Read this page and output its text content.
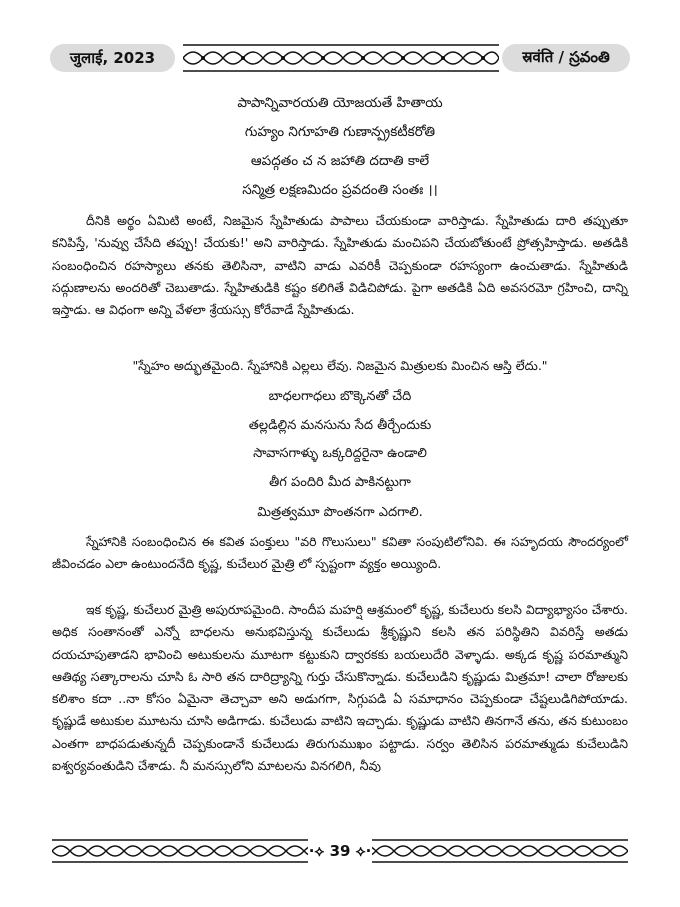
जुलाई, 2023	स्रवंति / స్రవంతి
పాపాన్నివారయతి యోజయతే హితాయ
గుహ్యం నిగూహతి గుణాన్ప్రకటీకరోతి
ఆపద్గతం చ న జహాతి దదాతి కాలే
సన్మిత్ర లక్షణమిదం ప్రవదంతి సంతః ।।

దీనికి అర్థం ఏమిటి అంటే, నిజమైన స్నేహితుడు పాపాలు చేయకుండా వారిస్తాడు. స్నేహితుడు దారి తప్పుతూ కనిపిస్తే, 'నువ్వు చేసేది తప్పు! చేయకు!' అని వారిస్తాడు. స్నేహితుడు మంచిపని చేయబోతుంటే ప్రోత్సహిస్తాడు. అతడికి సంబంధించిన రహస్యాలు తనకు తెలిసినా, వాటిని వాడు ఎవరికీ చెప్పకుండా రహస్యంగా ఉంచుతాడు. స్నేహితుడి సద్గుణాలను అందరితో చెబుతాడు. స్నేహితుడికి కష్టం కలిగితే విడిచిపోడు. పైగా అతడికి ఏది అవసరమో గ్రహించి, దాన్ని ఇస్తాడు. ఆ విధంగా అన్ని వేళలా శ్రేయస్సు కోరేవాడే స్నేహితుడు.

"స్నేహం అద్భుతమైంది. స్నేహానికి ఎల్లలు లేవు. నిజమైన మిత్రులకు మించిన ఆస్తి లేదు."
బాధలగాధలు బొక్కెనతో చేది
తల్లడిల్లిన మనసును సేద తీర్చేందుకు
సావాసగాళ్ళు ఒక్కరిద్దరైనా ఉండాలి
తీగ పందిరి మీద పాకినట్టుగా
మిత్రత్వమూ పొంతనగా ఎదగాలి.

స్నేహానికి సంబంధించిన ఈ కవిత పంక్తులు "వరి గొలుసులు" కవితా సంపుటిలోనివి. ఈ సహృదయ సౌందర్యంలో జీవించడం ఎలా ఉంటుందనేది కృష్ణ, కుచేలుర మైత్రి లో స్పష్టంగా వ్యక్తం అయ్యింది.

ఇక కృష్ణ, కుచేలుర మైత్రి అపురూపమైంది. సాందీప మహర్షి ఆశ్రమంలో కృష్ణ, కుచేలురు కలసి విద్యాభ్యాసం చేశారు. అధిక సంతానంతో ఎన్నో బాధలను అనుభవిస్తున్న కుచేలుడు శ్రీకృష్ణుని కలసి తన పరిస్థితిని వివరిస్తే అతడు దయచూపుతాడని భావించి అటుకులను మూటగా కట్టుకుని ద్వారకకు బయలుదేరి వెళ్ళాడు. అక్కడ కృష్ణ పరమాత్ముని ఆతిథ్య సత్కారాలను చూసి ఓ సారి తన దారిద్ర్యాన్ని గుర్తు చేసుకొన్నాడు. కుచేలుడిని కృష్ణుడు మిత్రమా! చాలా రోజులకు కలిశాం కదా ..నా కోసం ఏమైనా తెచ్చావా అని అడుగగా, సిగ్గుపడి ఏ సమాధానం చెప్పకుండా చేష్టలుడిగిపోయాడు. కృష్ణుడే అటుకుల మూటను చూసి అడిగాడు. కుచేలుడు వాటిని ఇచ్చాడు. కృష్ణుడు వాటిని తినగానే తను, తన కుటుంబం ఎంతగా బాధపడుతున్నదీ చెప్పకుండానే కుచేలుడు తిరుగుముఖం పట్టాడు. సర్వం తెలిసిన పరమాత్ముడు కుచేలుడిని ఐశ్వర్యవంతుడిని చేశాడు. నీ మనస్సులోని మాటలను వినగలిగి, నీవు

·⟡
39
⟡·
